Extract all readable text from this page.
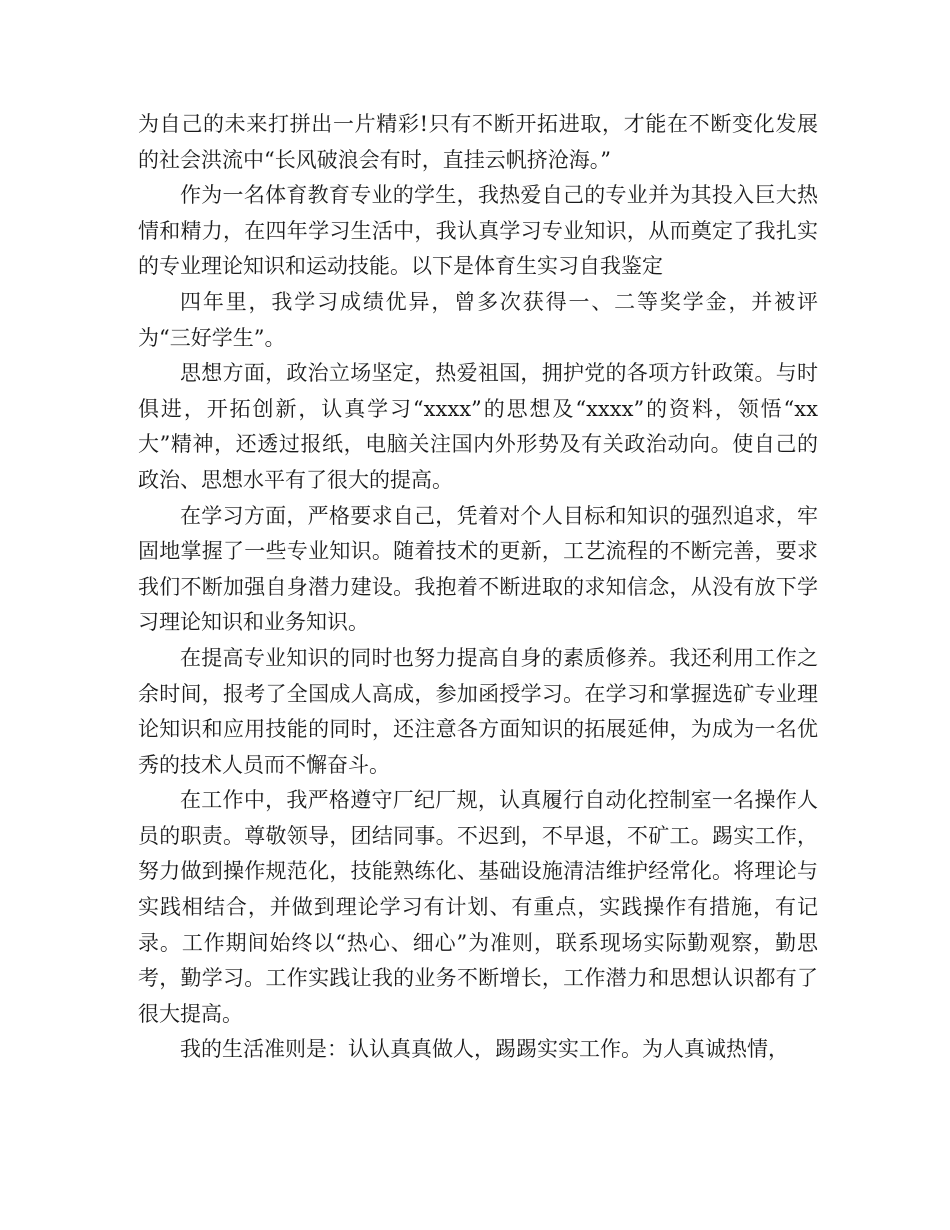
为自己的未来打拼出一片精彩!只有不断开拓进取，才能在不断变化发展的社会洪流中“长风破浪会有时，直挂云帆挤沧海。”

作为一名体育教育专业的学生，我热爱自己的专业并为其投入巨大热情和精力，在四年学习生活中，我认真学习专业知识，从而奠定了我扎实的专业理论知识和运动技能。以下是体育生实习自我鉴定

四年里，我学习成绩优异，曾多次获得一、二等奖学金，并被评为“三好学生”。

思想方面，政治立场坚定，热爱祖国，拥护党的各项方针政策。与时俱进，开拓创新，认真学习“xxxx”的思想及“xxxx”的资料，领悟“xx大”精神，还透过报纸，电脑关注国内外形势及有关政治动向。使自己的政治、思想水平有了很大的提高。

在学习方面，严格要求自己，凭着对个人目标和知识的强烈追求，牢固地掌握了一些专业知识。随着技术的更新，工艺流程的不断完善，要求我们不断加强自身潜力建设。我抱着不断进取的求知信念，从没有放下学习理论知识和业务知识。

在提高专业知识的同时也努力提高自身的素质修养。我还利用工作之余时间，报考了全国成人高成，参加函授学习。在学习和掌握选矿专业理论知识和应用技能的同时，还注意各方面知识的拓展延伸，为成为一名优秀的技术人员而不懈奋斗。

在工作中，我严格遵守厂纪厂规，认真履行自动化控制室一名操作人员的职责。尊敬领导，团结同事。不迟到，不早退，不矿工。踢实工作，努力做到操作规范化，技能熟练化、基础设施清洁维护经常化。将理论与实践相结合，并做到理论学习有计划、有重点，实践操作有措施，有记录。工作期间始终以“热心、细心”为准则，联系现场实际勤观察，勤思考，勤学习。工作实践让我的业务不断增长，工作潜力和思想认识都有了很大提高。

我的生活准则是：认认真真做人，踢踢实实工作。为人真诚热情，
